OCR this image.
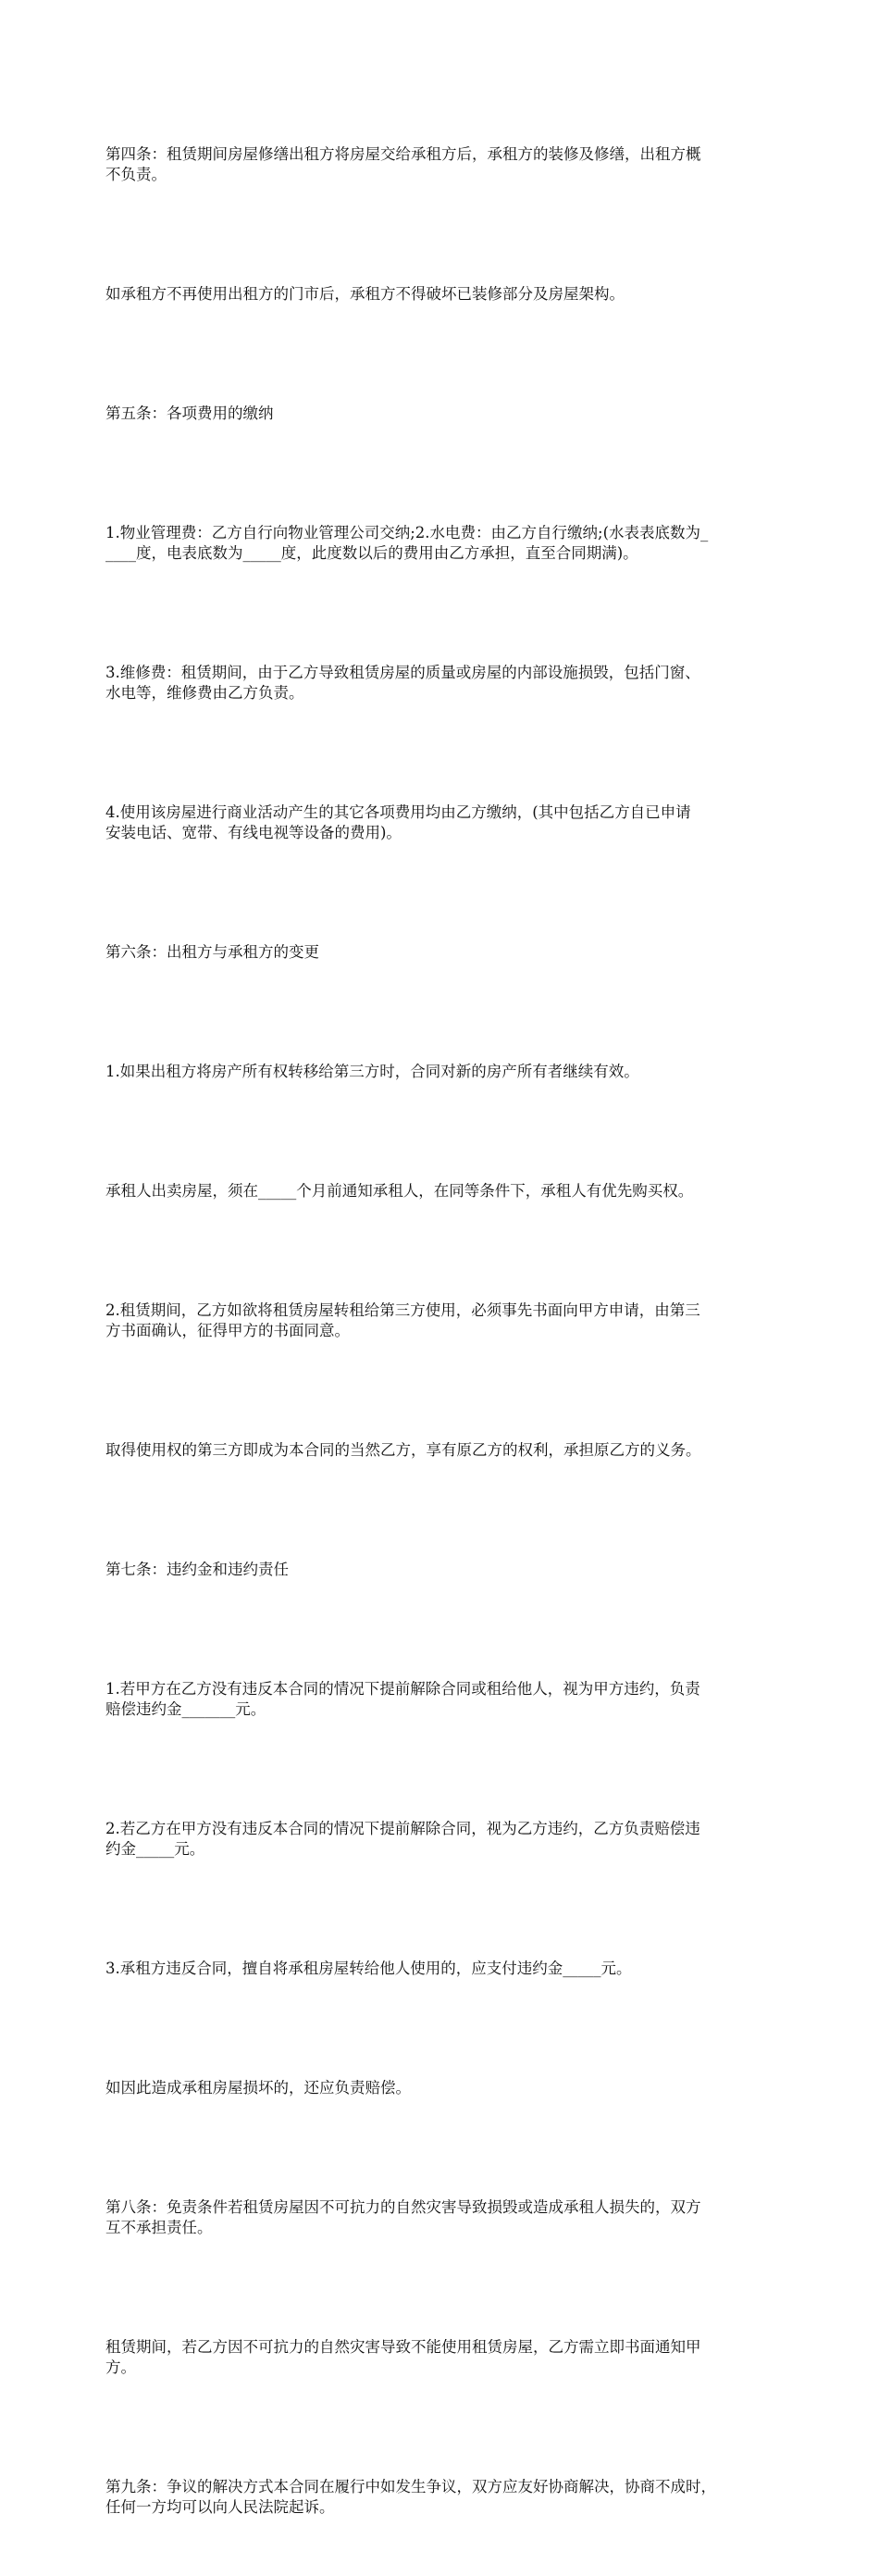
第四条：租赁期间房屋修缮出租方将房屋交给承租方后，承租方的装修及修缮，出租方概
不负责。

如承租方不再使用出租方的门市后，承租方不得破坏已装修部分及房屋架构。

第五条：各项费用的缴纳

1.物业管理费：乙方自行向物业管理公司交纳;2.水电费：由乙方自行缴纳;(水表表底数为_
____度，电表底数为_____度，此度数以后的费用由乙方承担，直至合同期满)。

3.维修费：租赁期间，由于乙方导致租赁房屋的质量或房屋的内部设施损毁，包括门窗、
水电等，维修费由乙方负责。

4.使用该房屋进行商业活动产生的其它各项费用均由乙方缴纳，(其中包括乙方自已申请
安装电话、宽带、有线电视等设备的费用)。

第六条：出租方与承租方的变更

1.如果出租方将房产所有权转移给第三方时，合同对新的房产所有者继续有效。

承租人出卖房屋，须在_____个月前通知承租人，在同等条件下，承租人有优先购买权。

2.租赁期间，乙方如欲将租赁房屋转租给第三方使用，必须事先书面向甲方申请，由第三
方书面确认，征得甲方的书面同意。

取得使用权的第三方即成为本合同的当然乙方，享有原乙方的权利，承担原乙方的义务。

第七条：违约金和违约责任

1.若甲方在乙方没有违反本合同的情况下提前解除合同或租给他人，视为甲方违约，负责
赔偿违约金_______元。

2.若乙方在甲方没有违反本合同的情况下提前解除合同，视为乙方违约，乙方负责赔偿违
约金_____元。

3.承租方违反合同，擅自将承租房屋转给他人使用的，应支付违约金_____元。

如因此造成承租房屋损坏的，还应负责赔偿。

第八条：免责条件若租赁房屋因不可抗力的自然灾害导致损毁或造成承租人损失的，双方
互不承担责任。

租赁期间，若乙方因不可抗力的自然灾害导致不能使用租赁房屋，乙方需立即书面通知甲
方。

第九条：争议的解决方式本合同在履行中如发生争议，双方应友好协商解决，协商不成时，
任何一方均可以向人民法院起诉。
